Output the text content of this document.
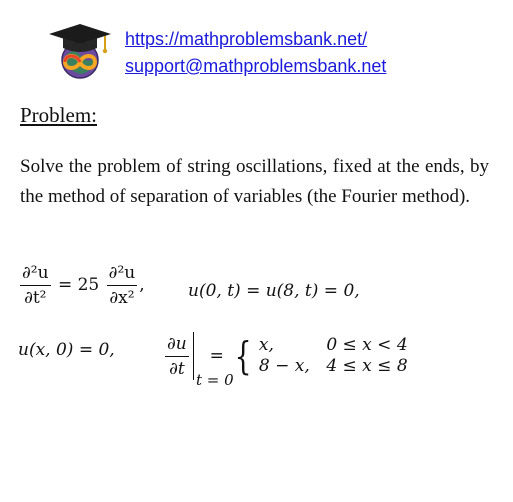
https://mathproblemsbank.net/
support@mathproblemsbank.net
Problem:
Solve the problem of string oscillations, fixed at the ends, by the method of separation of variables (the Fourier method).
$\frac{\text{∂²u}}{\text{∂t²}} = 25 \frac{\text{∂²u}}{\text{∂x²}}$ ,	u(0, t) = u(8, t) = 0,
u(x, 0) = 0,	$\frac{\partial u}{\partial t}$

t = 0
= { x,	0 ≤ x < 4
8 − x, 4 ≤ x ≤ 8
